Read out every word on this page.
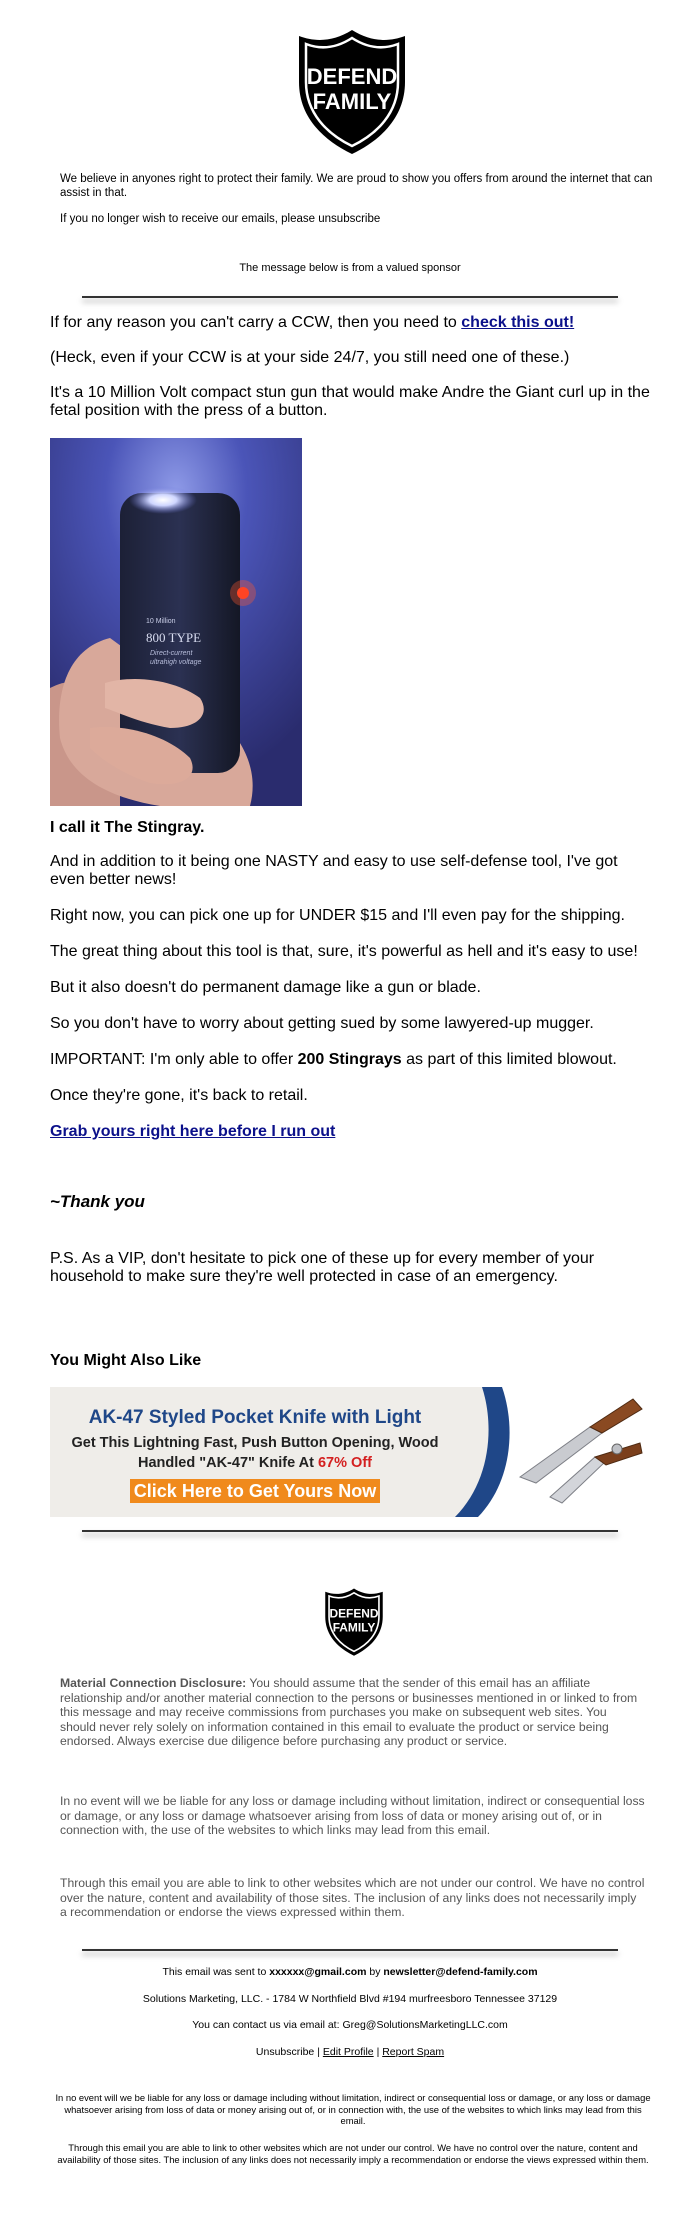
DEFEND
FAMILY

We believe in anyones right to protect their family. We are proud to show you offers from around the internet that can assist in that.

If you no longer wish to receive our emails, please unsubscribe

The message below is from a valued sponsor

If for any reason you can't carry a CCW, then you need to check this out!

(Heck, even if your CCW is at your side 24/7, you still need one of these.)
It's a 10 Million Volt compact stun gun that would make Andre the Giant curl up in the fetal position with the press of a button.
10 Million
800 TYPE
Direct-current
ultrahigh voltage
I call it The Stingray.
And in addition to it being one NASTY and easy to use self-defense tool, I've got even better news!
Right now, you can pick one up for UNDER $15 and I'll even pay for the shipping.
The great thing about this tool is that, sure, it's powerful as hell and it's easy to use!
But it also doesn't do permanent damage like a gun or blade.
So you don't have to worry about getting sued by some lawyered-up mugger.

IMPORTANT: I'm only able to offer 200 Stingrays as part of this limited blowout.

Once they're gone, it's back to retail.
Grab yours right here before I run out
~Thank you
P.S. As a VIP, don't hesitate to pick one of these up for every member of your household to make sure they're well protected in case of an emergency.
You Might Also Like
AK-47 Styled Pocket Knife with Light
Get This Lightning Fast, Push Button Opening, Wood
Handled "AK-47" Knife At 67% Off
Click Here to Get Yours Now
DEFEND
FAMILY

Material Connection Disclosure: You should assume that the sender of this email has an affiliate relationship and/or another material connection to the persons or businesses mentioned in or linked to from this message and may receive commissions from purchases you make on subsequent web sites. You should never rely solely on information contained in this email to evaluate the product or service being endorsed. Always exercise due diligence before purchasing any product or service.

In no event will we be liable for any loss or damage including without limitation, indirect or consequential loss or damage, or any loss or damage whatsoever arising from loss of data or money arising out of, or in connection with, the use of the websites to which links may lead from this email.
Through this email you are able to link to other websites which are not under our control. We have no control over the nature, content and availability of those sites. The inclusion of any links does not necessarily imply a recommendation or endorse the views expressed within them.
This email was sent to xxxxxx@gmail.com by newsletter@defend-family.com
Solutions Marketing, LLC. - 1784 W Northfield Blvd #194 murfreesboro Tennessee 37129
You can contact us via email at: Greg@SolutionsMarketingLLC.com
Unsubscribe | Edit Profile | Report Spam
In no event will we be liable for any loss or damage including without limitation, indirect or consequential loss or damage, or any loss or damage whatsoever arising from loss of data or money arising out of, or in connection with, the use of the websites to which links may lead from this email.
Through this email you are able to link to other websites which are not under our control. We have no control over the nature, content and availability of those sites. The inclusion of any links does not necessarily imply a recommendation or endorse the views expressed within them.
